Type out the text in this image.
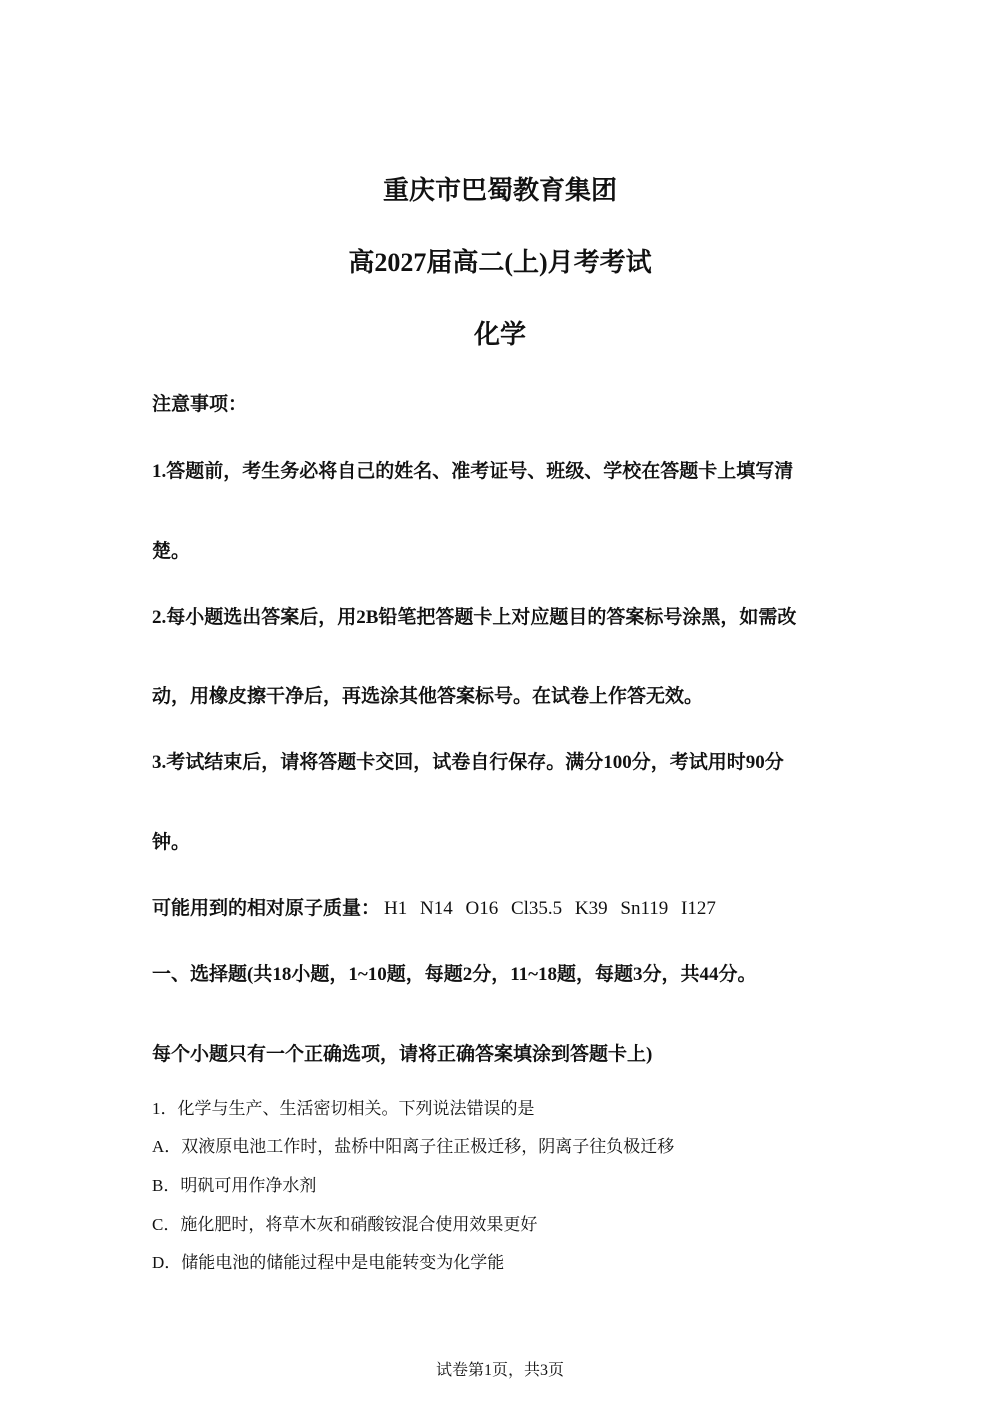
重庆市巴蜀教育集团
高2027届高二(上)月考考试
化学
注意事项：
1.答题前，考生务必将自己的姓名、准考证号、班级、学校在答题卡上填写清
楚。
2.每小题选出答案后，用2B铅笔把答题卡上对应题目的答案标号涂黑，如需改
动，用橡皮擦干净后，再选涂其他答案标号。在试卷上作答无效。
3.考试结束后，请将答题卡交回，试卷自行保存。满分100分，考试用时90分
钟。
可能用到的相对原子质量： H1 N14 O16 Cl35.5 K39 Sn119 I127
一、选择题(共18小题，1~10题，每题2分，11~18题，每题3分，共44分。
每个小题只有一个正确选项，请将正确答案填涂到答题卡上)
1．化学与生产、生活密切相关。下列说法错误的是
A．双液原电池工作时，盐桥中阳离子往正极迁移，阴离子往负极迁移
B．明矾可用作净水剂
C．施化肥时，将草木灰和硝酸铵混合使用效果更好
D．储能电池的储能过程中是电能转变为化学能
试卷第1页，共3页
